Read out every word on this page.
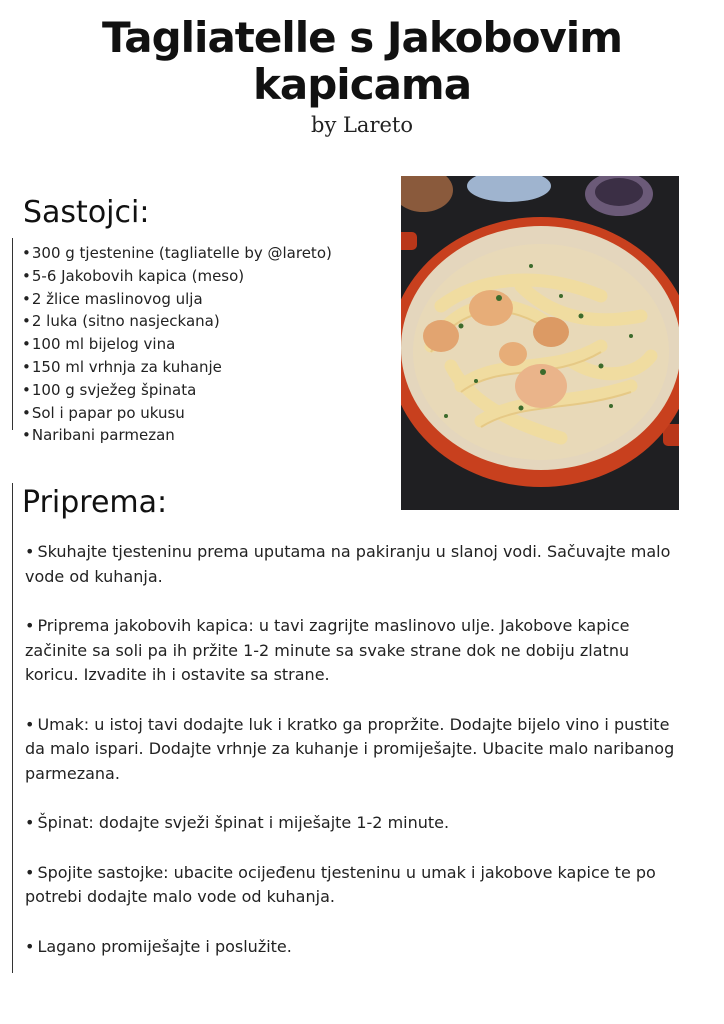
Tagliatelle s Jakobovim
kapicama
by Lareto
Sastojci:
• 300 g tjestenine (tagliatelle by @lareto)
• 5-6 Jakobovih kapica (meso)
• 2 žlice maslinovog ulja
• 2 luka (sitno nasjeckana)
• 100 ml bijelog vina
• 150 ml vrhnja za kuhanje
• 100 g svježeg špinata
• Sol i papar po ukusu
• Naribani parmezan
Priprema:
• Skuhajte tjesteninu prema uputama na pakiranju u slanoj vodi. Sačuvajte malo vode od kuhanja.
• Priprema jakobovih kapica: u tavi zagrijte maslinovo ulje. Jakobove kapice začinite sa soli pa ih pržite 1-2 minute sa svake strane dok ne dobiju zlatnu koricu. Izvadite ih i ostavite sa strane.
• Umak: u istoj tavi dodajte luk i kratko ga propržite. Dodajte bijelo vino i pustite da malo ispari. Dodajte vrhnje za kuhanje i promiješajte. Ubacite malo naribanog parmezana.
• Špinat: dodajte svježi špinat i miješajte 1-2 minute.
• Spojite sastojke: ubacite ocijeđenu tjesteninu u umak i jakobove kapice te po potrebi dodajte malo vode od kuhanja.
• Lagano promiješajte i poslužite.
